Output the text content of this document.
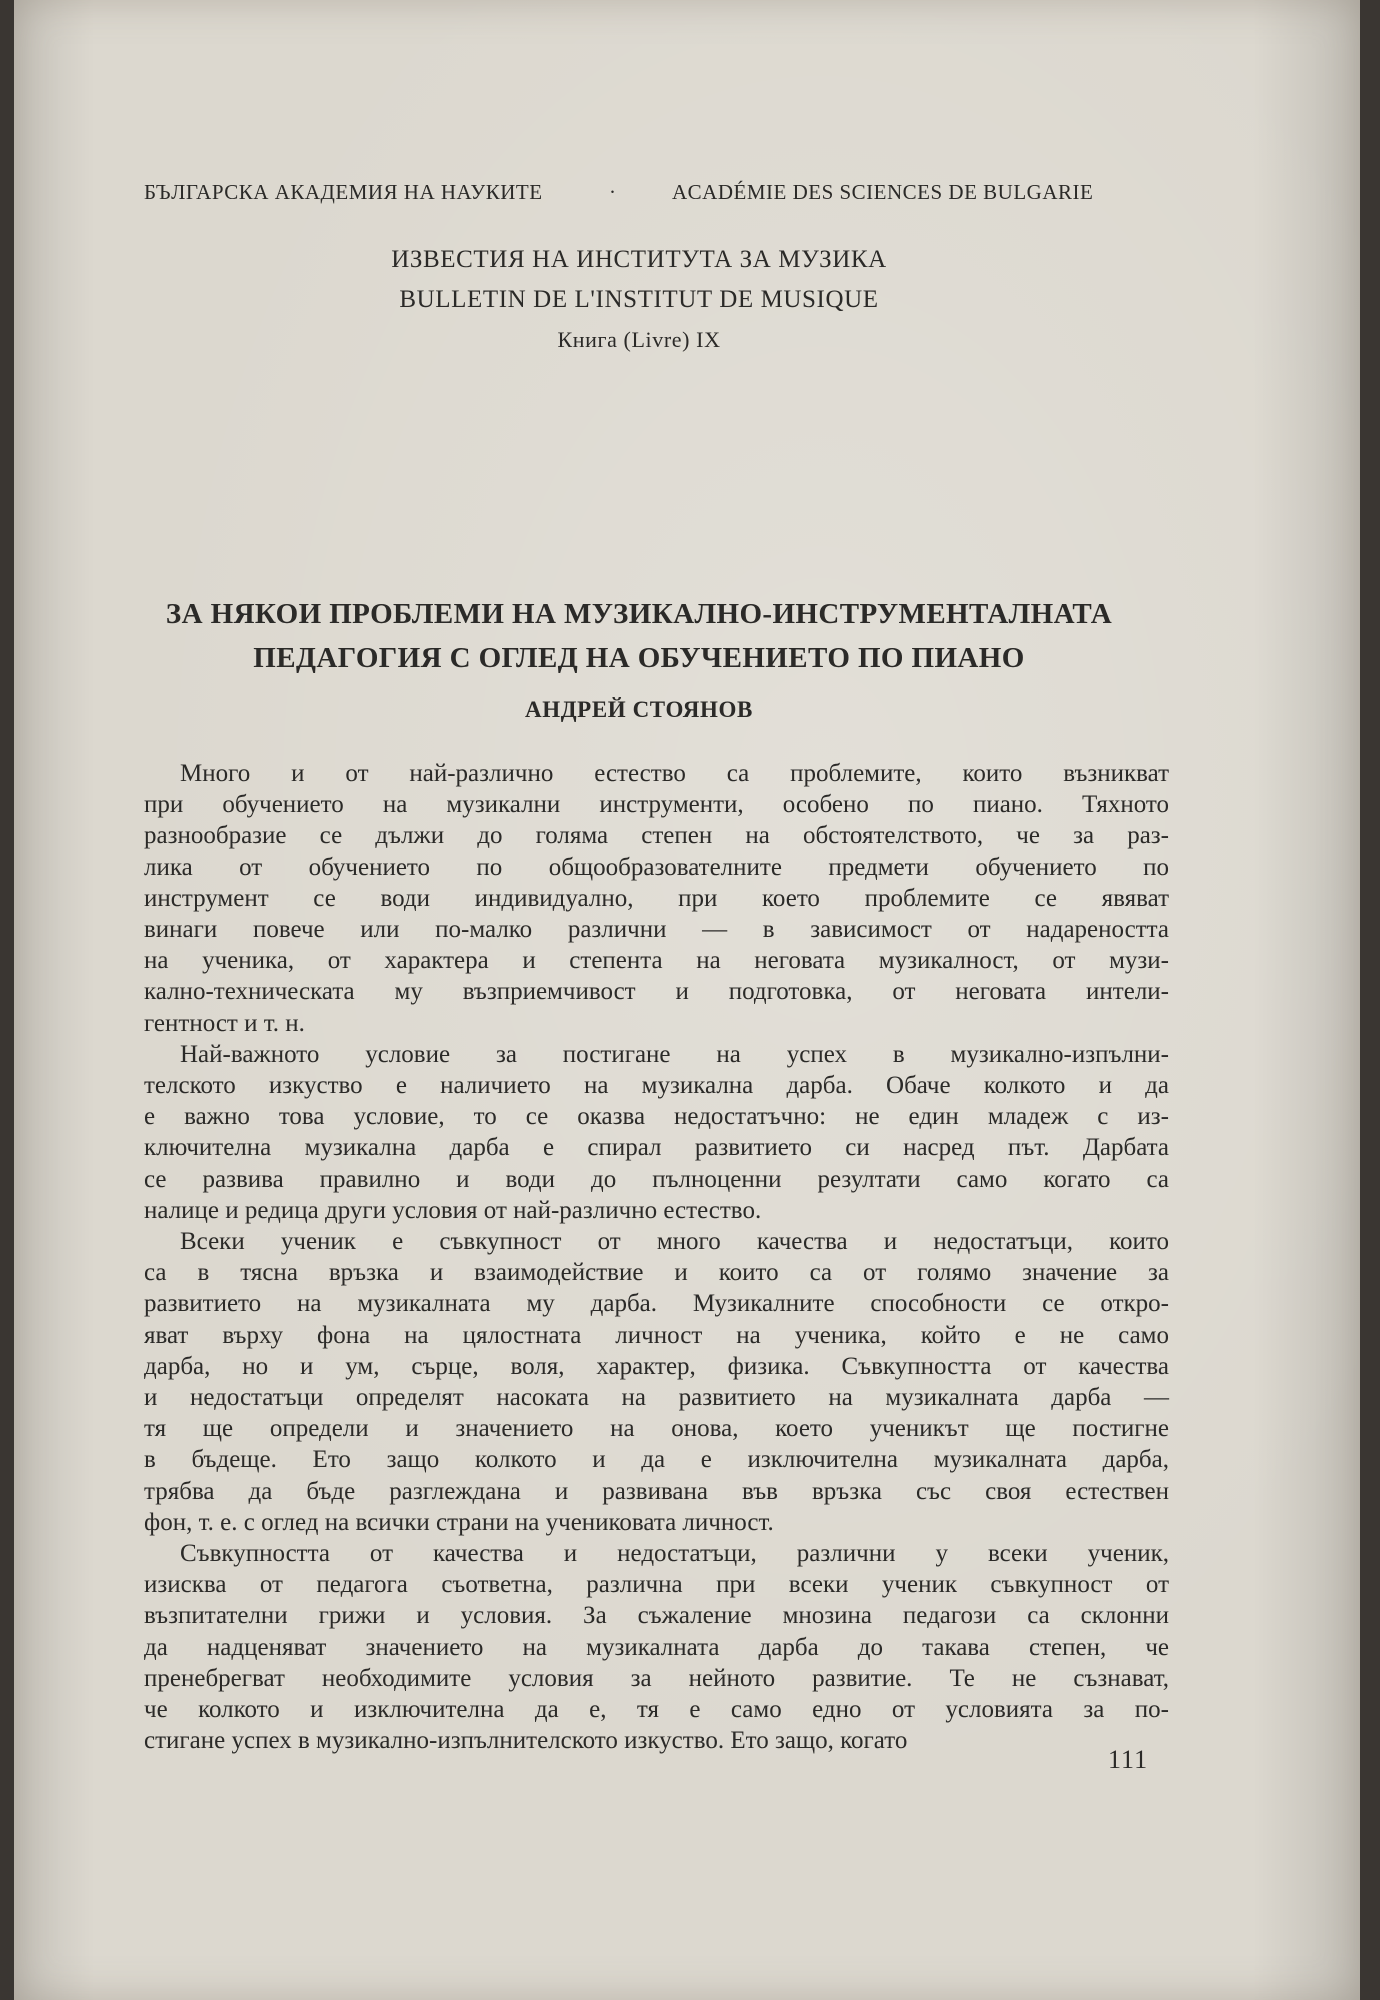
БЪЛГАРСКА АКАДЕМИЯ НА НАУКИТЕ	·	ACADÉMIE DES SCIENCES DE BULGARIE
ИЗВЕСТИЯ НА ИНСТИТУТА ЗА МУЗИКА
BULLETIN DE L'INSTITUT DE MUSIQUE
Книга (Livre) IX
ЗА НЯКОИ ПРОБЛЕМИ НА МУЗИКАЛНО-ИНСТРУМЕНТАЛНАТА
ПЕДАГОГИЯ С ОГЛЕД НА ОБУЧЕНИЕТО ПО ПИАНО
АНДРЕЙ СТОЯНОВ
Много и от най-различно естество са проблемите, които възникват
при обучението на музикални инструменти, особено по пиано. Тяхното
разнообразие се дължи до голяма степен на обстоятелството, че за раз-
лика от обучението по общообразователните предмети обучението по
инструмент се води индивидуално, при което проблемите се явяват
винаги повече или по-малко различни — в зависимост от надареността
на ученика, от характера и степента на неговата музикалност, от музи-
кално-техническата му възприемчивост и подготовка, от неговата интели-
гентност и т. н.
Най-важното условие за постигане на успех в музикално-изпълни-
телското изкуство е наличието на музикална дарба. Обаче колкото и да
е важно това условие, то се оказва недостатъчно: не един младеж с из-
ключителна музикална дарба е спирал развитието си насред път. Дарбата
се развива правилно и води до пълноценни резултати само когато са
налице и редица други условия от най-различно естество.
Всеки ученик е съвкупност от много качества и недостатъци, които
са в тясна връзка и взаимодействие и които са от голямо значение за
развитието на музикалната му дарба. Музикалните способности се откро-
яват върху фона на цялостната личност на ученика, който е не само
дарба, но и ум, сърце, воля, характер, физика. Съвкупността от качества
и недостатъци определят насоката на развитието на музикалната дарба —
тя ще определи и значението на онова, което ученикът ще постигне
в бъдеще. Ето защо колкото и да е изключителна музикалната дарба,
трябва да бъде разглеждана и развивана във връзка със своя естествен
фон, т. е. с оглед на всички страни на учениковата личност.
Съвкупността от качества и недостатъци, различни у всеки ученик,
изисква от педагога съответна, различна при всеки ученик съвкупност от
възпитателни грижи и условия. За съжаление мнозина педагози са склонни
да надценяват значението на музикалната дарба до такава степен, че
пренебрегват необходимите условия за нейното развитие. Те не съзнават,
че колкото и изключителна да е, тя е само едно от условията за по-
стигане успех в музикално-изпълнителското изкуство. Ето защо, когато
111
